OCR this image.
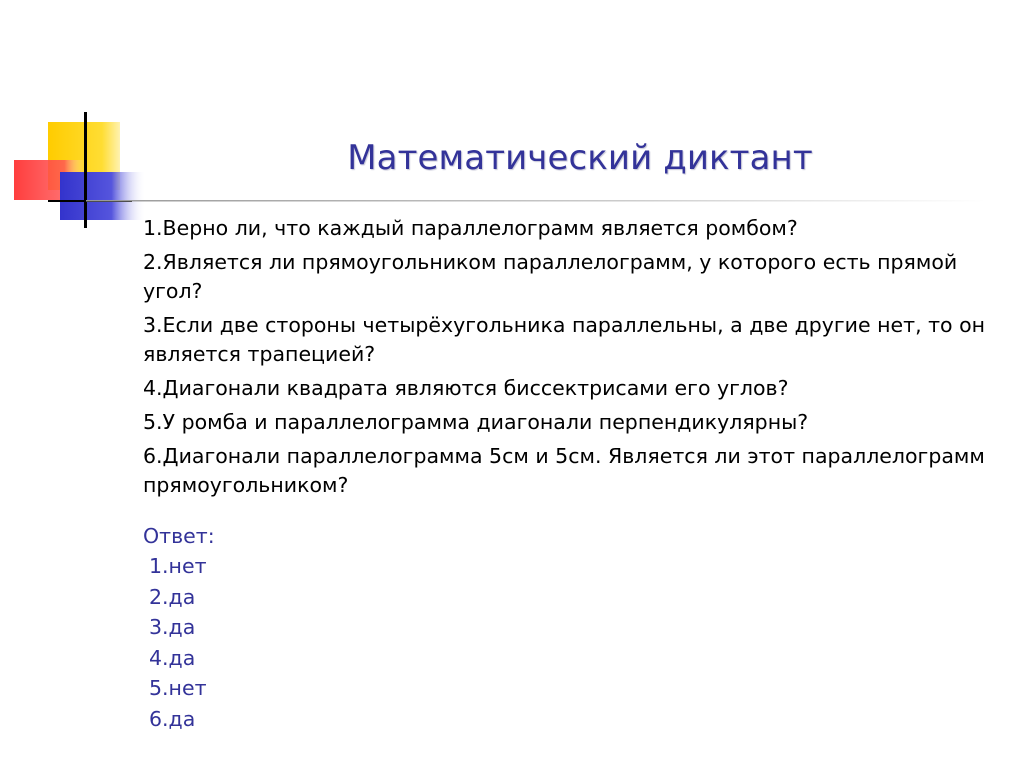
Математический диктант
1.Верно ли, что каждый параллелограмм является ромбом?
2.Является ли прямоугольником параллелограмм, у которого есть прямой угол?
3.Если две стороны четырёхугольника параллельны, а две другие нет, то он является трапецией?
4.Диагонали квадрата являются биссектрисами его углов?
5.У ромба и параллелограмма диагонали перпендикулярны?
6.Диагонали параллелограмма 5см и 5см. Является ли этот параллелограмм прямоугольником?
Ответ:
1.нет
2.да
3.да
4.да
5.нет
6.да
